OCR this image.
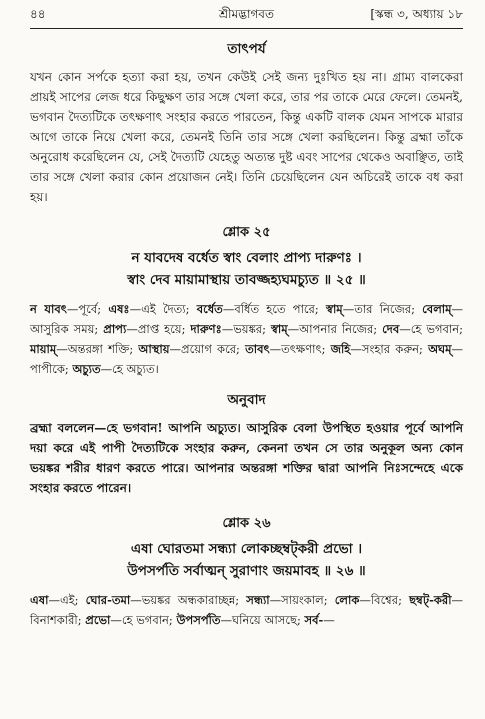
৪৪	শ্রীমদ্ভাগবত	[স্কন্ধ ৩, অধ্যায় ১৮
তাৎপর্য

যখন কোন সর্পকে হত্যা করা হয়, তখন কেউই সেই জন্য দুঃখিত হয় না। গ্রাম্য বালকেরা প্রায়ই সাপের লেজ ধরে কিছুক্ষণ তার সঙ্গে খেলা করে, তার পর তাকে মেরে ফেলে। তেমনই, ভগবান দৈত্যটিকে তৎক্ষণাৎ সংহার করতে পারতেন, কিন্তু একটি বালক যেমন সাপকে মারার আগে তাকে নিয়ে খেলা করে, তেমনই তিনি তার সঙ্গে খেলা করছিলেন। কিন্তু ব্রহ্মা তাঁকে অনুরোধ করেছিলেন যে, সেই দৈত্যটি যেহেতু অত্যন্ত দুষ্ট এবং সাপের থেকেও অবাঞ্ছিত, তাই তার সঙ্গে খেলা করার কোন প্রয়োজন নেই। তিনি চেয়েছিলেন যেন অচিরেই তাকে বধ করা হয়।

শ্লোক ২৫
ন যাবদেষ বর্ধেত স্বাং বেলাং প্রাপ্য দারুণঃ ।
স্বাং দেব মায়ামাস্থায় তাবজ্জহ্যঘমচ্যুত ॥ ২৫ ॥

ন যাবৎ—পূর্বে; এষঃ—এই দৈত্য; বর্ধেত—বর্ধিত হতে পারে; স্বাম্—তার নিজের; বেলাম্—আসুরিক সময়; প্রাপ্য—প্রাপ্ত হয়ে; দারুণঃ—ভয়ঙ্কর; স্বাম্—আপনার নিজের; দেব—হে ভগবান; মায়াম্—অন্তরঙ্গা শক্তি; আস্থায়—প্রয়োগ করে; তাবৎ—তৎক্ষণাৎ; জহি—সংহার করুন; অঘম্—পাপীকে; অচ্যুত—হে অচ্যুত।

অনুবাদ

ব্রহ্মা বললেন—হে ভগবান! আপনি অচ্যুত। আসুরিক বেলা উপস্থিত হওয়ার পূর্বে আপনি দয়া করে এই পাপী দৈত্যটিকে সংহার করুন, কেননা তখন সে তার অনুকূল অন্য কোন ভয়ঙ্কর শরীর ধারণ করতে পারে। আপনার অন্তরঙ্গা শক্তির দ্বারা আপনি নিঃসন্দেহে একে সংহার করতে পারেন।

শ্লোক ২৬
এষা ঘোরতমা সন্ধ্যা লোকচ্ছম্বট্‌করী প্রভো ।
উপসর্পতি সর্বাত্মন্ সুরাণাং জয়মাবহ ॥ ২৬ ॥

এষা—এই; ঘোর-তমা—ভয়ঙ্কর অন্ধকারাচ্ছন্ন; সন্ধ্যা—সায়ংকাল; লোক—বিশ্বের; ছম্বট্-করী—বিনাশকারী; প্রভো—হে ভগবান; উপসর্পতি—ঘনিয়ে আসছে; সর্ব-—
